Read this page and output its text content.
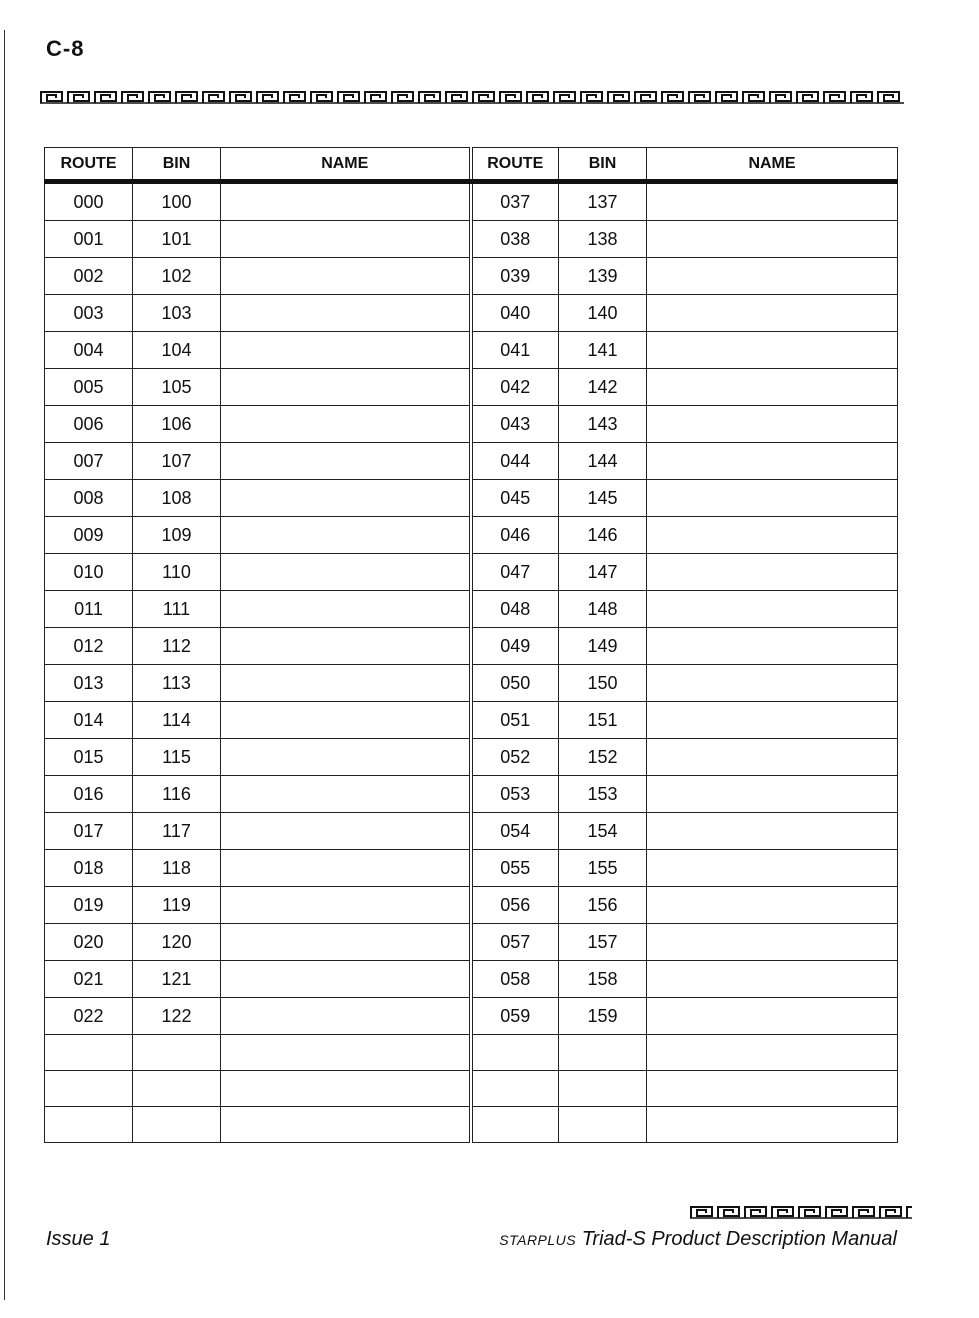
C-8
ROUTE	BIN	NAME	ROUTE	BIN	NAME
000	100		037	137	
001	101		038	138	
002	102		039	139	
003	103		040	140	
004	104		041	141	
005	105		042	142	
006	106		043	143	
007	107		044	144	
008	108		045	145	
009	109		046	146	
010	110		047	147	
011	111		048	148	
012	112		049	149	
013	113		050	150	
014	114		051	151	
015	115		052	152	
016	116		053	153	
017	117		054	154	
018	118		055	155	
019	119		056	156	
020	120		057	157	
021	121		058	158	
022	122		059	159	

Issue 1	STARPLUS Triad-S Product Description Manual
